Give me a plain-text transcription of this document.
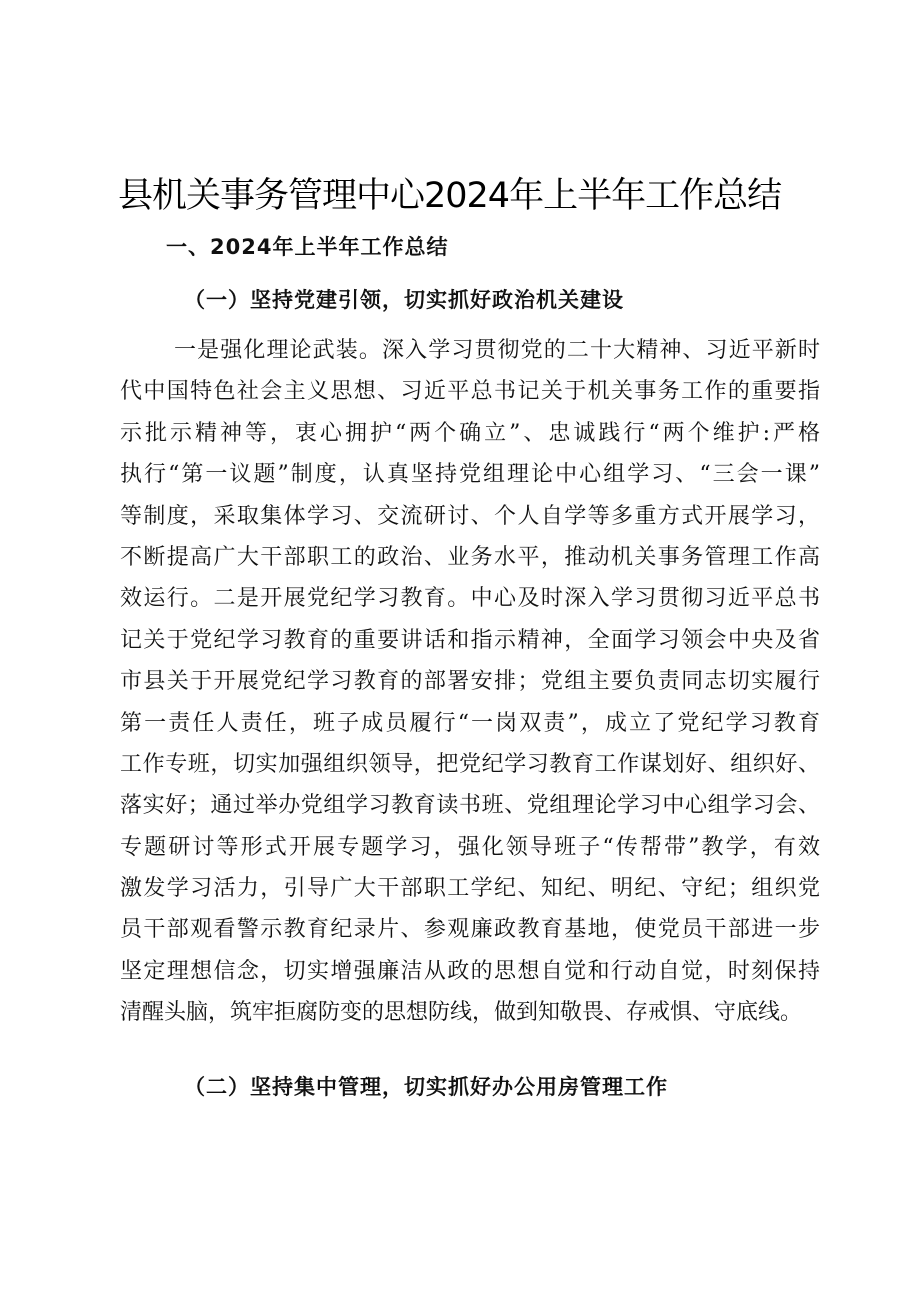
县机关事务管理中心2024年上半年工作总结
一、2024年上半年工作总结
（一）坚持党建引领，切实抓好政治机关建设
一是强化理论武装。深入学习贯彻党的二十大精神、习近平新时
代中国特色社会主义思想、习近平总书记关于机关事务工作的重要指
示批示精神等，衷心拥护“两个确立”、忠诚践行“两个维护:严格
执行“第一议题”制度，认真坚持党组理论中心组学习、“三会一课”
等制度，采取集体学习、交流研讨、个人自学等多重方式开展学习，
不断提高广大干部职工的政治、业务水平，推动机关事务管理工作高
效运行。二是开展党纪学习教育。中心及时深入学习贯彻习近平总书
记关于党纪学习教育的重要讲话和指示精神，全面学习领会中央及省
市县关于开展党纪学习教育的部署安排；党组主要负责同志切实履行
第一责任人责任，班子成员履行“一岗双责”，成立了党纪学习教育
工作专班，切实加强组织领导，把党纪学习教育工作谋划好、组织好、
落实好；通过举办党组学习教育读书班、党组理论学习中心组学习会、
专题研讨等形式开展专题学习，强化领导班子“传帮带”教学，有效
激发学习活力，引导广大干部职工学纪、知纪、明纪、守纪；组织党
员干部观看警示教育纪录片、参观廉政教育基地，使党员干部进一步
坚定理想信念，切实增强廉洁从政的思想自觉和行动自觉，时刻保持
清醒头脑，筑牢拒腐防变的思想防线，做到知敬畏、存戒惧、守底线。
（二）坚持集中管理，切实抓好办公用房管理工作
